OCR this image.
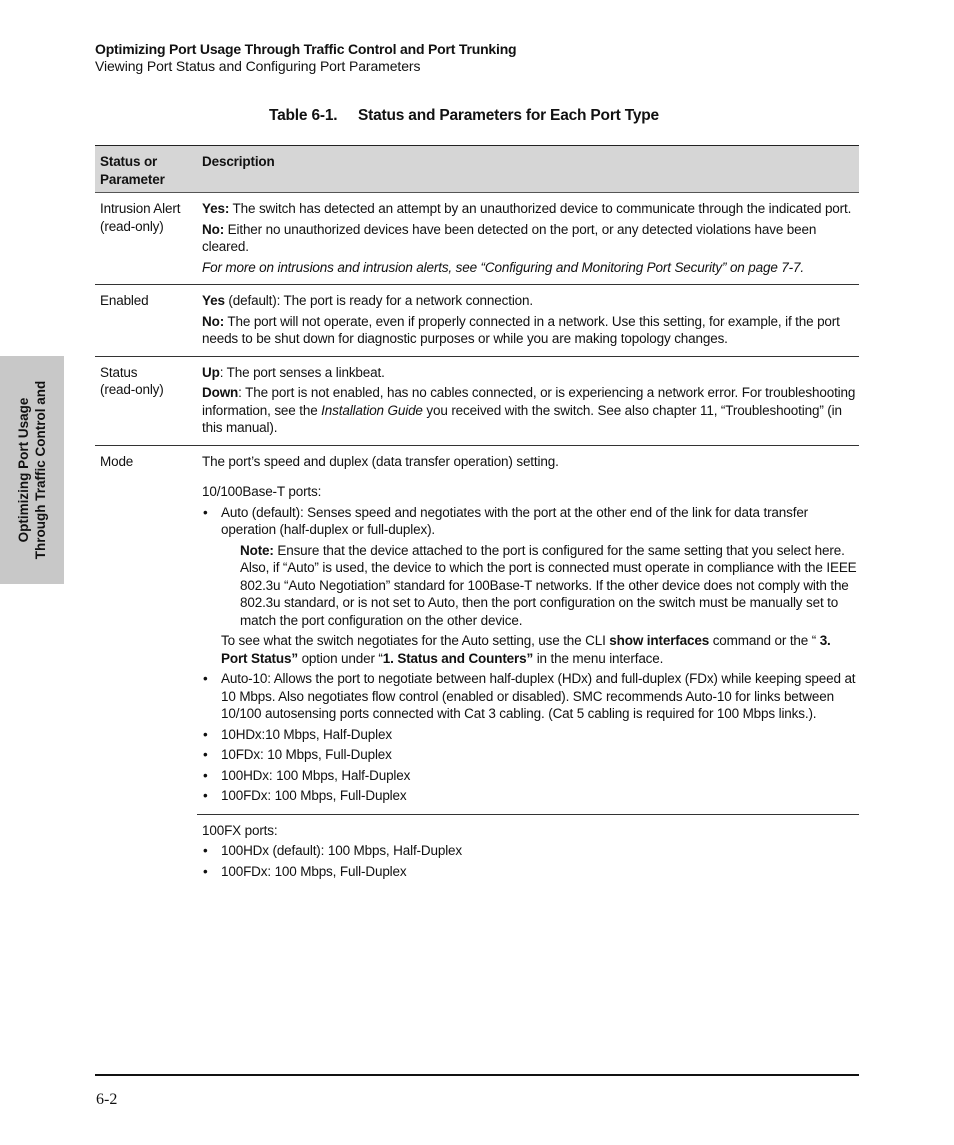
Optimizing Port Usage Through Traffic Control and Port Trunking
Viewing Port Status and Configuring Port Parameters
Optimizing Port Usage Through Traffic Control and
Table 6-1. Status and Parameters for Each Port Type
Status or
Parameter
Description
Intrusion Alert
(read-only)

Yes: The switch has detected an attempt by an unauthorized device to communicate through the indicated port.

No: Either no unauthorized devices have been detected on the port, or any detected violations have been cleared.

For more on intrusions and intrusion alerts, see “Configuring and Monitoring Port Security” on page 7-7.

Enabled	Yes (default): The port is ready for a network connection.

No: The port will not operate, even if properly connected in a network. Use this setting, for example, if the port needs to be shut down for diagnostic purposes or while you are making topology changes.

Status
(read-only)

Up: The port senses a linkbeat.

Down: The port is not enabled, has no cables connected, or is experiencing a network error. For troubleshooting information, see the Installation Guide you received with the switch. See also chapter 11, “Troubleshooting” (in this manual).

Mode	The port’s speed and duplex (data transfer operation) setting.

10/100Base-T ports:

• Auto (default): Senses speed and negotiates with the port at the other end of the link for data transfer operation (half-duplex or full-duplex).
Note: Ensure that the device attached to the port is configured for the same setting that you select here. Also, if “Auto” is used, the device to which the port is connected must operate in compliance with the IEEE 802.3u “Auto Negotiation” standard for 100Base-T networks. If the other device does not comply with the 802.3u standard, or is not set to Auto, then the port configuration on the switch must be manually set to match the port configuration on the other device.
To see what the switch negotiates for the Auto setting, use the CLI show interfaces command or the “ 3. Port Status” option under “1. Status and Counters” in the menu interface.
• Auto-10: Allows the port to negotiate between half-duplex (HDx) and full-duplex (FDx) while keeping speed at 10 Mbps. Also negotiates flow control (enabled or disabled). SMC recommends Auto-10 for links between 10/100 autosensing ports connected with Cat 3 cabling. (Cat 5 cabling is required for 100 Mbps links.).
• 10HDx:10 Mbps, Half-Duplex
• 10FDx: 10 Mbps, Full-Duplex
• 100HDx: 100 Mbps, Half-Duplex
• 100FDx: 100 Mbps, Full-Duplex

100FX ports:

• 100HDx (default): 100 Mbps, Half-Duplex
• 100FDx: 100 Mbps, Full-Duplex
6-2
